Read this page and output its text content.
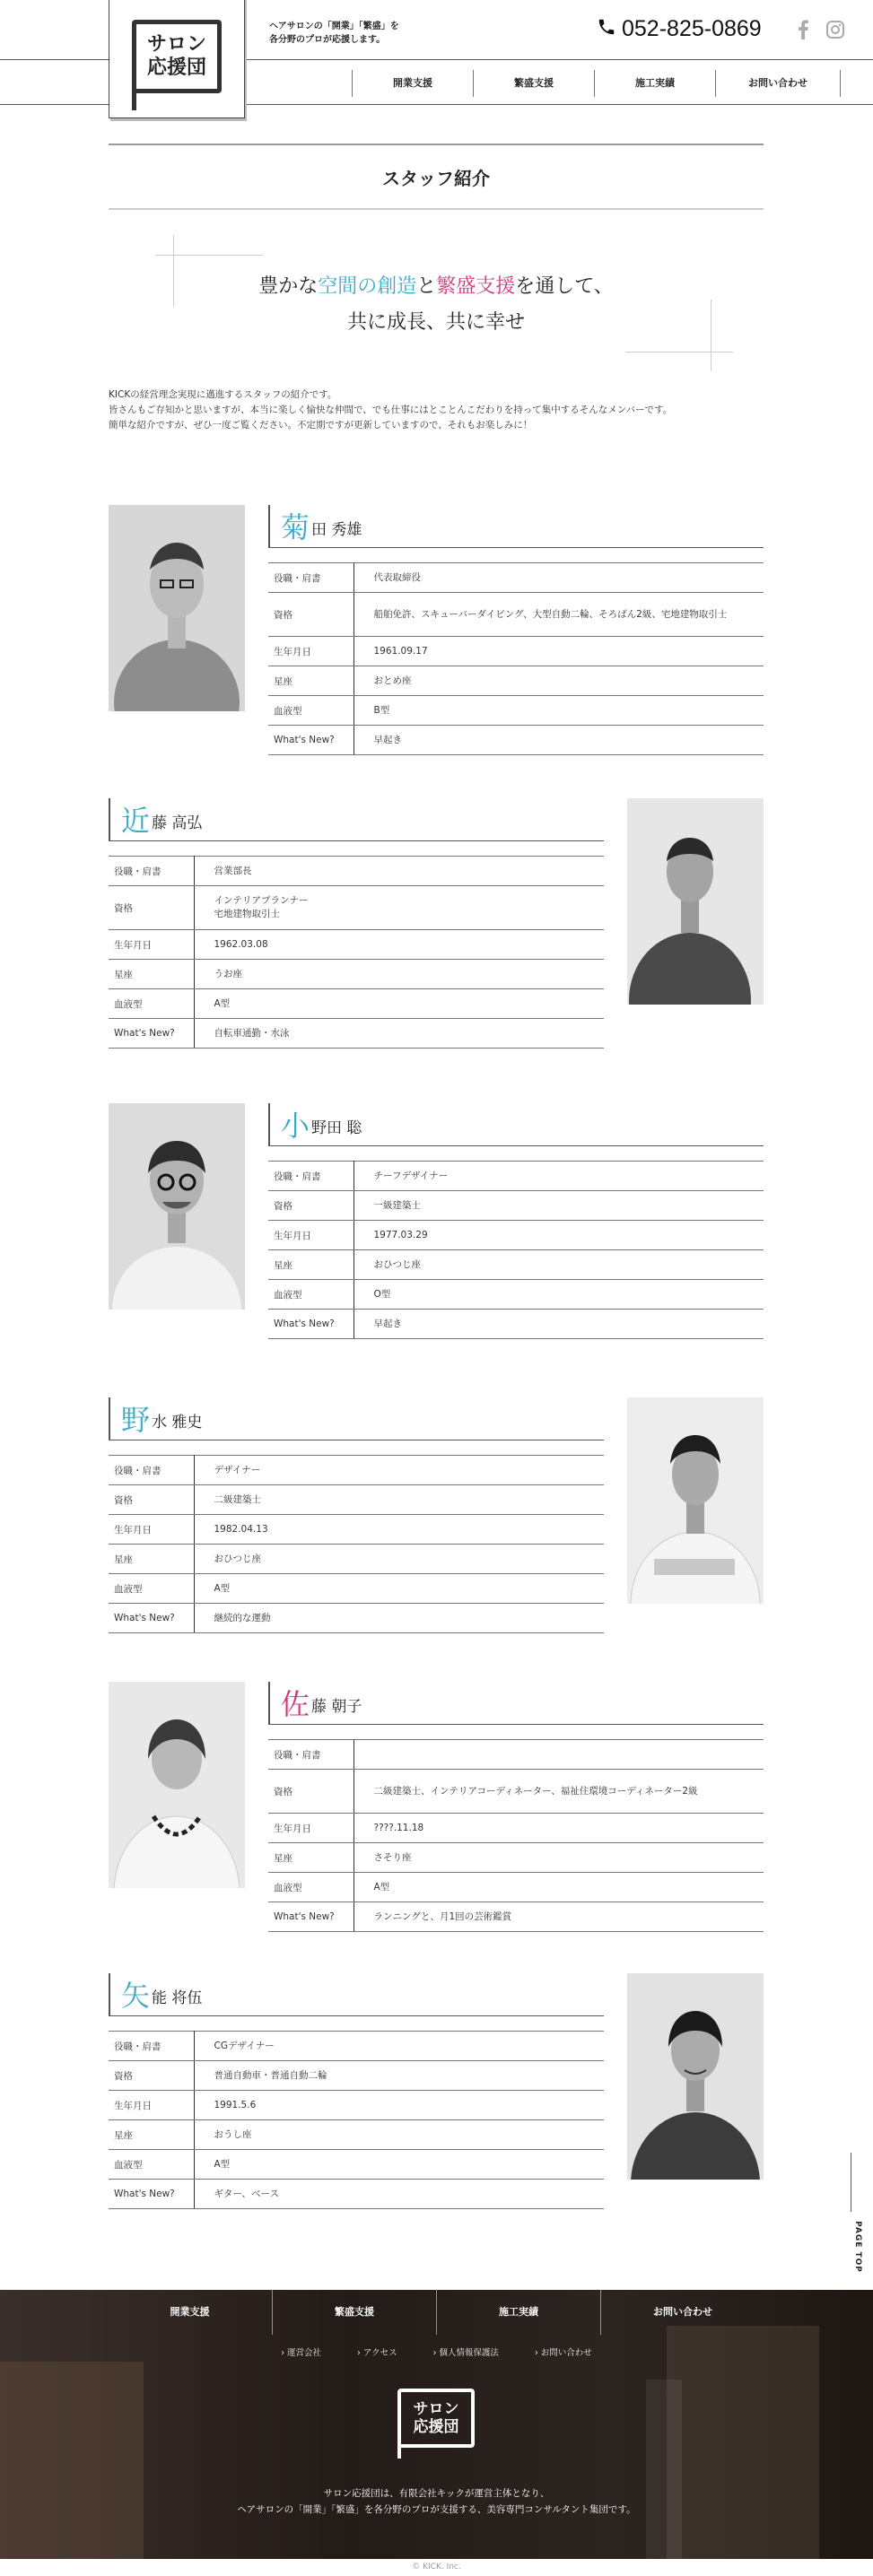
サロン
応援団
ヘアサロンの「開業」「繁盛」を
各分野のプロが応援します。	052-825-0869
開業支援	繁盛支援	施工実績	お問い合わせ
スタッフ紹介
豊かな空間の創造と繁盛支援を通して、
共に成長、共に幸せ
KICKの経営理念実現に邁進するスタッフの紹介です。
皆さんもご存知かと思いますが、本当に楽しく愉快な仲間で、でも仕事にはとことんこだわりを持って集中するそんなメンバーです。
簡単な紹介ですが、ぜひ一度ご覧ください。不定期ですが更新していますので、それもお楽しみに！
菊 田 秀雄
役職・肩書	代表取締役
資格	船舶免許、スキューバーダイビング、大型自動二輪、そろばん2級、宅地建物取引士
生年月日	1961.09.17
星座	おとめ座
血液型	B型
What's New?	早起き
近 藤 高弘
役職・肩書	営業部長
資格	インテリアプランナー
宅地建物取引士

生年月日	1962.03.08
星座	うお座
血液型	A型
What's New?	自転車通勤・水泳
小 野田 聡
役職・肩書	チーフデザイナー
資格	一級建築士
生年月日	1977.03.29
星座	おひつじ座
血液型	O型
What's New?	早起き
野 水 雅史
役職・肩書	デザイナー
資格	二級建築士
生年月日	1982.04.13
星座	おひつじ座
血液型	A型
What's New?	継続的な運動
佐 藤 朝子
役職・肩書	
資格	二級建築士、インテリアコーディネーター、福祉住環境コーディネーター2級
生年月日	????.11.18
星座	さそり座
血液型	A型
What's New?	ランニングと、月1回の芸術鑑賞
矢 能 将伍
役職・肩書	CGデザイナー
資格	普通自動車・普通自動二輪
生年月日	1991.5.6
星座	おうし座
血液型	A型
What's New?	ギター、ベース
PAGE TOP
開業支援	繁盛支援	施工実績	お問い合わせ
› 運営会社	› アクセス	› 個人情報保護法	› お問い合わせ
サロン
応援団
サロン応援団は、有限会社キックが運営主体となり、
ヘアサロンの「開業」「繁盛」を各分野のプロが支援する、美容専門コンサルタント集団です。
© KICK. Inc.
